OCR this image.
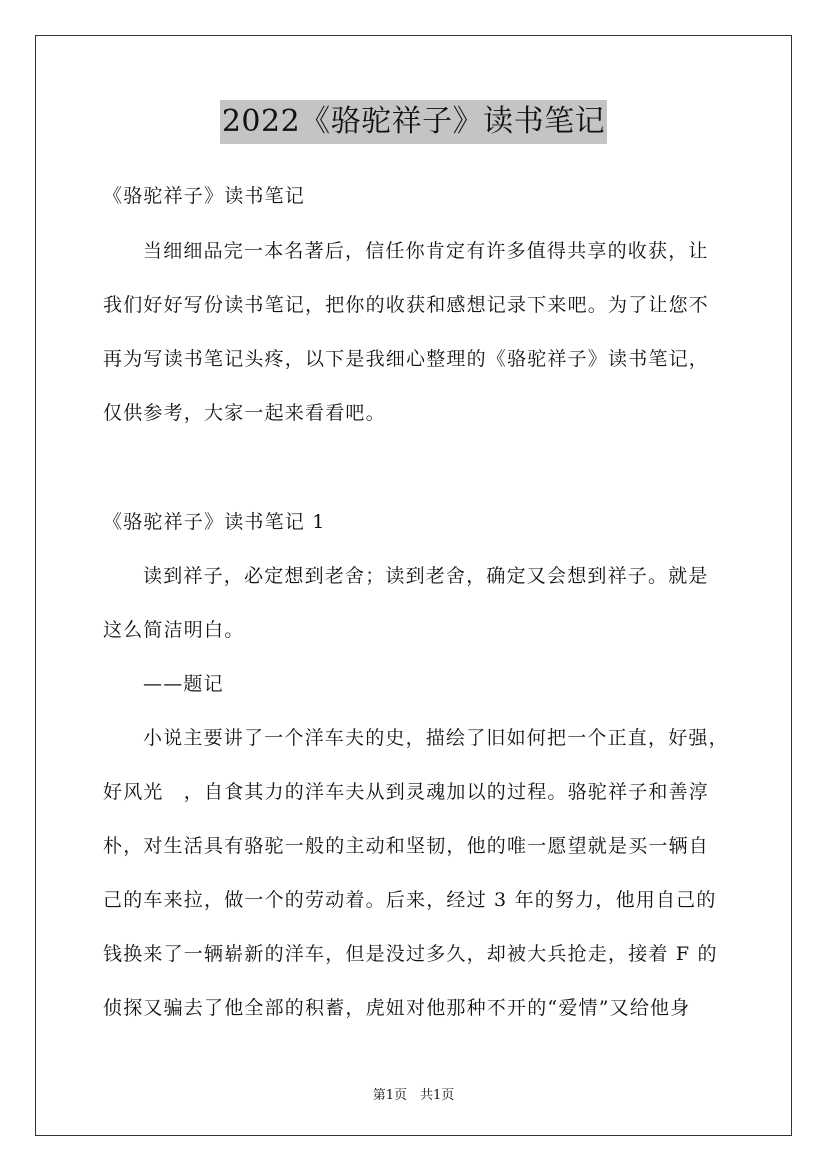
2022《骆驼祥子》读书笔记
《骆驼祥子》读书笔记
当细细品完一本名著后，信任你肯定有许多值得共享的收获，让
我们好好写份读书笔记，把你的收获和感想记录下来吧。为了让您不
再为写读书笔记头疼，以下是我细心整理的《骆驼祥子》读书笔记，
仅供参考，大家一起来看看吧。
《骆驼祥子》读书笔记 1
读到祥子，必定想到老舍；读到老舍，确定又会想到祥子。就是
这么简洁明白。
——题记
小说主要讲了一个洋车夫的史，描绘了旧如何把一个正直，好强，
好风光　，自食其力的洋车夫从到灵魂加以的过程。骆驼祥子和善淳
朴，对生活具有骆驼一般的主动和坚韧，他的唯一愿望就是买一辆自
己的车来拉，做一个的劳动着。后来，经过 3 年的努力，他用自己的
钱换来了一辆崭新的洋车，但是没过多久，却被大兵抢走，接着 F 的
侦探又骗去了他全部的积蓄，虎妞对他那种不开的“爱情”又给他身
第1页　共1页
